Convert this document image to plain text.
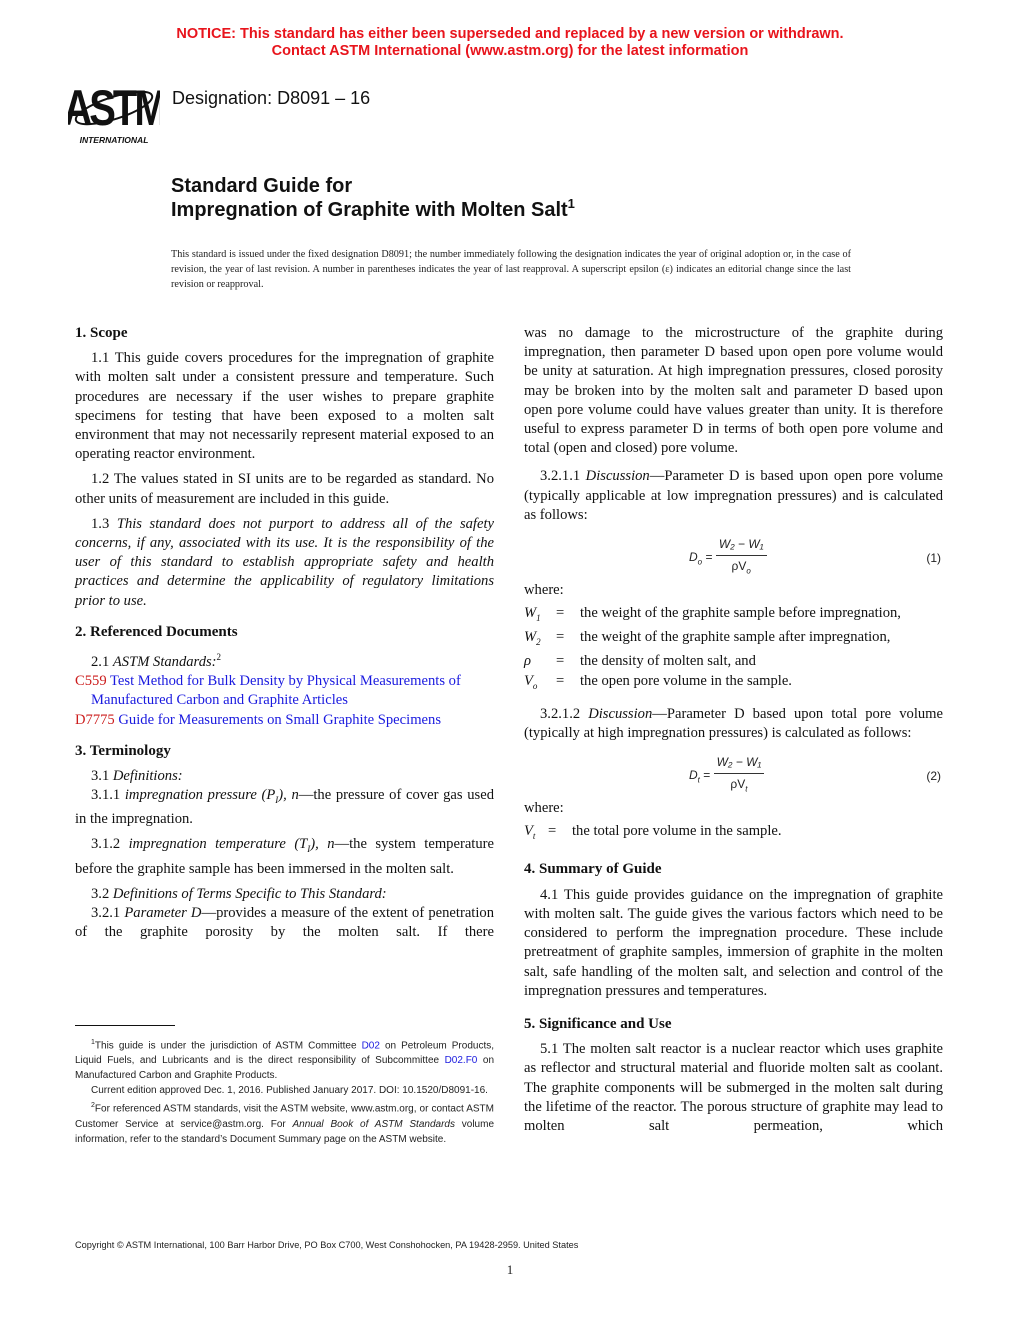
NOTICE: This standard has either been superseded and replaced by a new version or withdrawn.
Contact ASTM International (www.astm.org) for the latest information
ASTM
INTERNATIONAL
Designation: D8091 – 16
Standard Guide for
Impregnation of Graphite with Molten Salt$^1$
This standard is issued under the fixed designation D8091; the number immediately following the designation indicates the year of original adoption or, in the case of revision, the year of last revision. A number in parentheses indicates the year of last reapproval. A superscript epsilon (ε) indicates an editorial change since the last revision or reapproval.
1. Scope

1.1 This guide covers procedures for the impregnation of graphite with molten salt under a consistent pressure and temperature. Such procedures are necessary if the user wishes to prepare graphite specimens for testing that have been exposed to a molten salt environment that may not necessarily represent material exposed to an operating reactor environment.

1.2 The values stated in SI units are to be regarded as standard. No other units of measurement are included in this guide.

1.3 This standard does not purport to address all of the safety concerns, if any, associated with its use. It is the responsibility of the user of this standard to establish appropriate safety and health practices and determine the applicability of regulatory limitations prior to use.

2. Referenced Documents

2.1 ASTM Standards:$^2$

C559 Test Method for Bulk Density by Physical Measurements of Manufactured Carbon and Graphite Articles
D7775 Guide for Measurements on Small Graphite Specimens
3. Terminology

3.1 Definitions:

3.1.1 impregnation pressure $(P_I)$, n—the pressure of cover gas used in the impregnation.

3.1.2 impregnation temperature $(T_I)$, n—the system temperature before the graphite sample has been immersed in the molten salt.

3.2 Definitions of Terms Specific to This Standard:

3.2.1 Parameter D—provides a measure of the extent of penetration of the graphite porosity by the molten salt. If there

$^1$This guide is under the jurisdiction of ASTM Committee D02 on Petroleum Products, Liquid Fuels, and Lubricants and is the direct responsibility of Subcommittee D02.F0 on Manufactured Carbon and Graphite Products.

Current edition approved Dec. 1, 2016. Published January 2017. DOI: 10.1520/D8091-16.

$^2$For referenced ASTM standards, visit the ASTM website, www.astm.org, or contact ASTM Customer Service at service@astm.org. For Annual Book of ASTM Standards volume information, refer to the standard’s Document Summary page on the ASTM website.

was no damage to the microstructure of the graphite during impregnation, then parameter D based upon open pore volume would be unity at saturation. At high impregnation pressures, closed porosity may be broken into by the molten salt and parameter D based upon open pore volume could have values greater than unity. It is therefore useful to express parameter D in terms of both open pore volume and total (open and closed) pore volume.

3.2.1.1 Discussion—Parameter D is based upon open pore volume (typically applicable at low impregnation pressures) and is calculated as follows:

$D_o = \frac{\text{W₂ − W₁}}{\rho V_o}$	(1)
where:
$W_1$	=	the weight of the graphite sample before impregnation,
$W_2$	=	the weight of the graphite sample after impregnation,
ρ	=	the density of molten salt, and
$V_o$	=	the open pore volume in the sample.

3.2.1.2 Discussion—Parameter D based upon total pore volume (typically at high impregnation pressures) is calculated as follows:

$D_t = \frac{\text{W₂ − W₁}}{\rho V_t}$	(2)
where:
$V_t$	=	the total pore volume in the sample.
4. Summary of Guide

4.1 This guide provides guidance on the impregnation of graphite with molten salt. The guide gives the various factors which need to be considered to perform the impregnation procedure. These include pretreatment of graphite samples, immersion of graphite in the molten salt, safe handling of the molten salt, and selection and control of the impregnation pressures and temperatures.

5. Significance and Use

5.1 The molten salt reactor is a nuclear reactor which uses graphite as reflector and structural material and fluoride molten salt as coolant. The graphite components will be submerged in the molten salt during the lifetime of the reactor. The porous structure of graphite may lead to molten salt permeation, which

Copyright © ASTM International, 100 Barr Harbor Drive, PO Box C700, West Conshohocken, PA 19428-2959. United States
1
